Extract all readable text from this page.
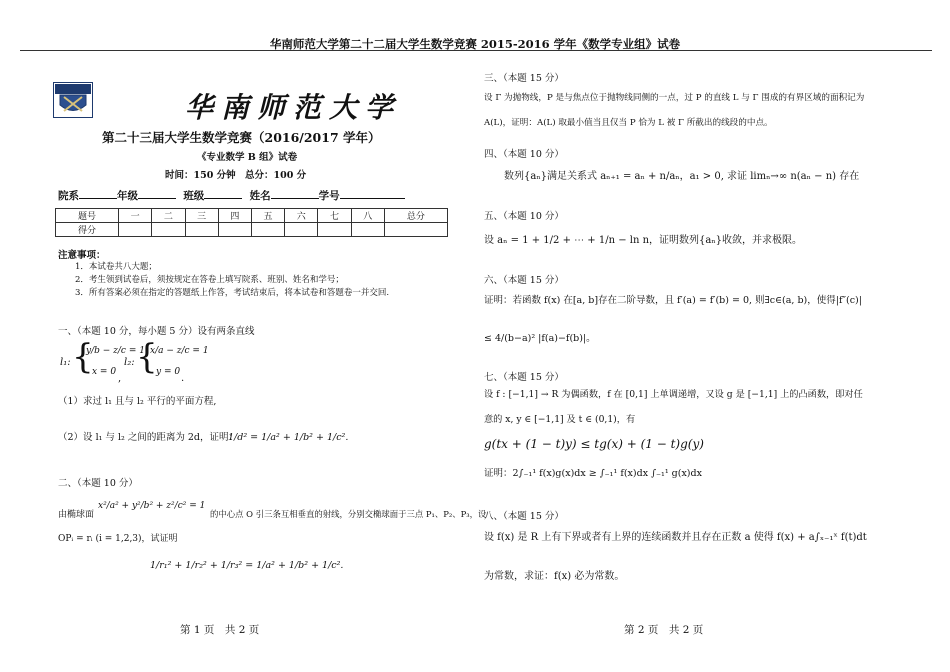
华南师范大学第二十二届大学生数学竞赛 2015-2016 学年《数学专业组》试卷
华南师范大学
第二十三届大学生数学竞赛（2016/2017 学年）
《专业数学 B 组》试卷
时间：150 分钟 总分：100 分
院系	年级	班级	姓名	学号
题号	一	二	三	四	五	六	七	八	总分
得分									
注意事项：
1．本试卷共八大题；
2．考生领到试卷后，须按规定在答卷上填写院系、班别、姓名和学号；
3．所有答案必须在指定的答题纸上作答，考试结束后，将本试卷和答题卷一并交回.
一、（本题 10 分，每小题 5 分）设有两条直线
l₁: {
y/b − z/c = 1
x = 0
,
l₂: {
x/a − z/c = 1
y = 0
.
（1）求过 l₁ 且与 l₂ 平行的平面方程,
（2）设 l₁ 与 l₂ 之间的距离为 2d，证明：
1/d² = 1/a² + 1/b² + 1/c².
二、（本题 10 分）
由椭球面
x²/a² + y²/b² + z²/c² = 1
的中心点 O 引三条互相垂直的射线，分别交椭球面于三点 P₁、P₂、P₃，设
OPᵢ = rᵢ (i = 1,2,3)，试证明
1/r₁² + 1/r₂² + 1/r₃² = 1/a² + 1/b² + 1/c².
三、（本题 15 分）
设 Γ 为抛物线，P 是与焦点位于抛物线同侧的一点，过 P 的直线 L 与 Γ 围成的有界区域的面积记为
A(L)，证明：A(L) 取最小值当且仅当 P 恰为 L 被 Γ 所截出的线段的中点。
四、（本题 10 分）
数列{aₙ}满足关系式 aₙ₊₁ = aₙ + n/aₙ，a₁ > 0, 求证 limₙ→∞ n(aₙ − n) 存在
五、（本题 10 分）
设 aₙ = 1 + 1/2 + ⋯ + 1/n − ln n，证明数列{aₙ}收敛，并求极限。
六、（本题 15 分）
证明：若函数 f(x) 在[a, b]存在二阶导数，且 f′(a) = f′(b) = 0, 则∃c∈(a, b)，使得|f″(c)|
≤ 4/(b−a)² |f(a)−f(b)|。
七、（本题 15 分）
设 f : [−1,1] → R 为偶函数，f 在 [0,1] 上单调递增，又设 g 是 [−1,1] 上的凸函数，即对任
意的 x, y ∈ [−1,1] 及 t ∈ (0,1)，有
g(tx + (1 − t)y) ≤ tg(x) + (1 − t)g(y)
证明：2∫₋₁¹ f(x)g(x)dx ≥ ∫₋₁¹ f(x)dx ∫₋₁¹ g(x)dx
八、（本题 15 分）
设 f(x) 是 R 上有下界或者有上界的连续函数并且存在正数 a 使得 f(x) + a∫ₓ₋₁ˣ f(t)dt
为常数，求证：f(x) 必为常数。
第 1 页　共 2 页	第 2 页　共 2 页
